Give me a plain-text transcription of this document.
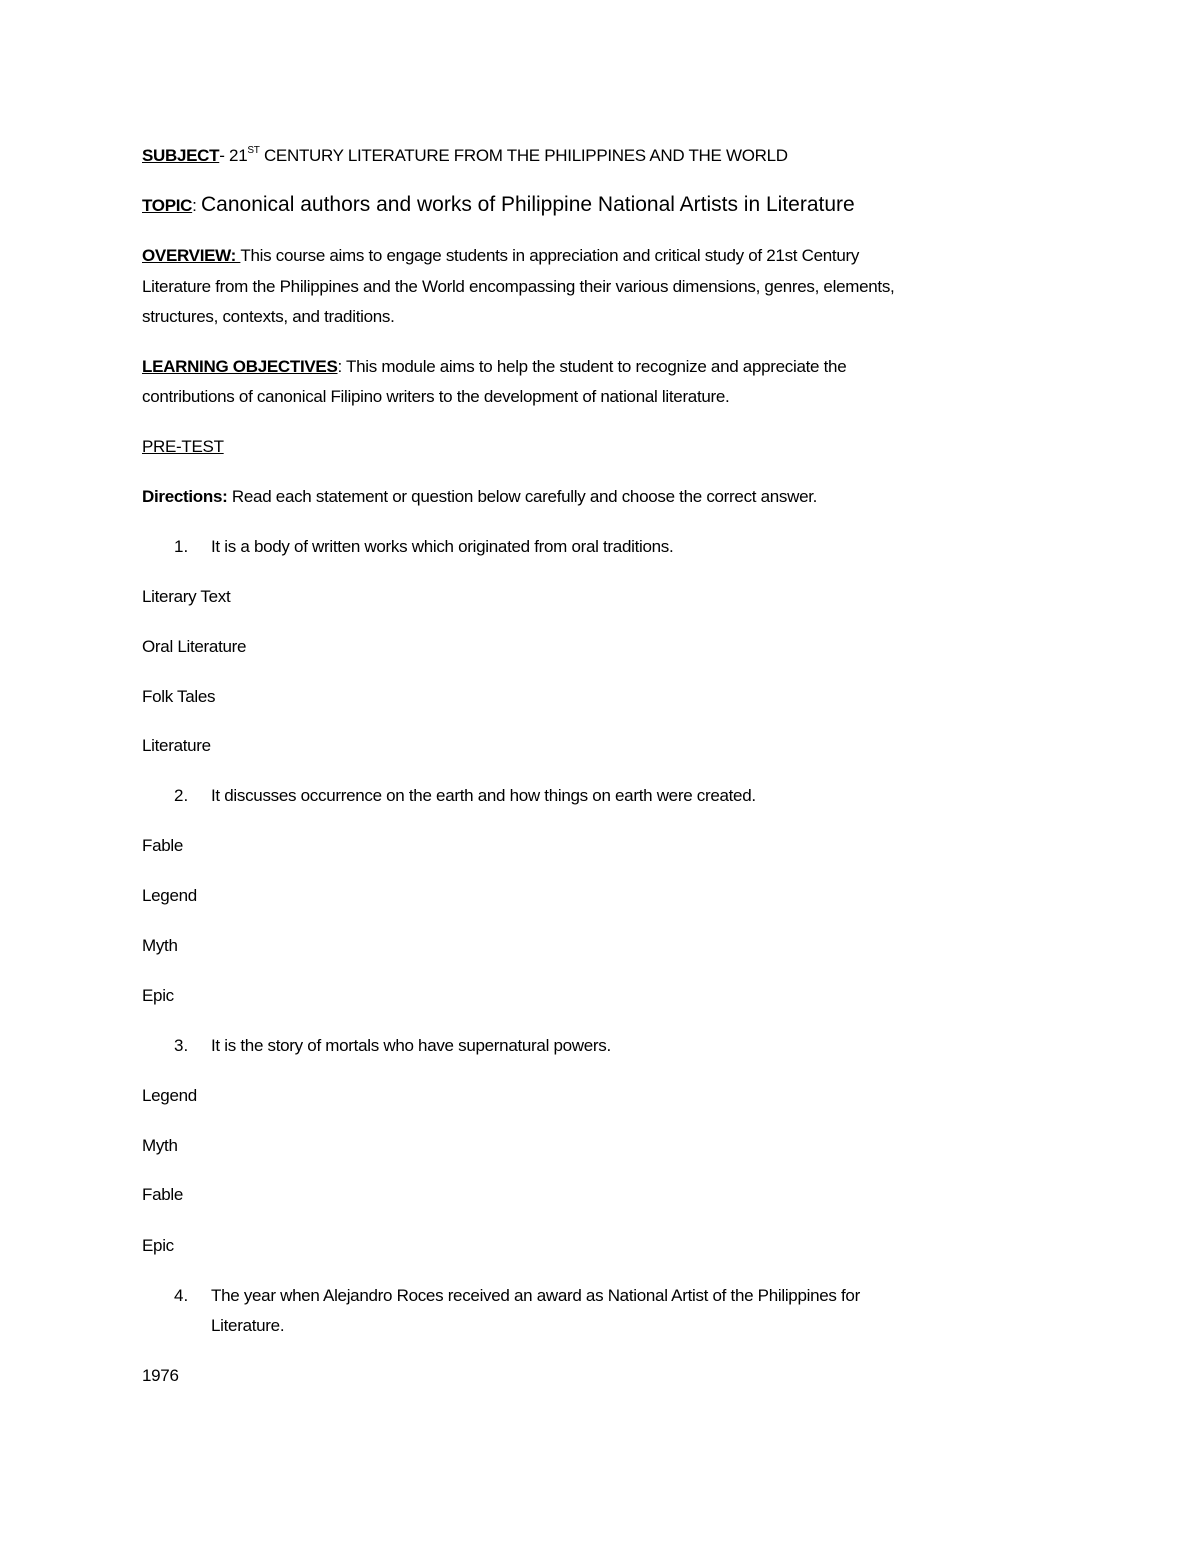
SUBJECT- 21ST CENTURY LITERATURE FROM THE PHILIPPINES AND THE WORLD
TOPIC: Canonical authors and works of Philippine National Artists in Literature
OVERVIEW: This course aims to engage students in appreciation and critical study of 21st Century
Literature from the Philippines and the World encompassing their various dimensions, genres, elements,
structures, contexts, and traditions.
LEARNING OBJECTIVES: This module aims to help the student to recognize and appreciate the
contributions of canonical Filipino writers to the development of national literature.
PRE-TEST
Directions: Read each statement or question below carefully and choose the correct answer.
1. It is a body of written works which originated from oral traditions.
Literary Text
Oral Literature
Folk Tales
Literature
2. It discusses occurrence on the earth and how things on earth were created.
Fable
Legend
Myth
Epic
3. It is the story of mortals who have supernatural powers.
Legend
Myth
Fable
Epic
4. The year when Alejandro Roces received an award as National Artist of the Philippines for
Literature.
1976
